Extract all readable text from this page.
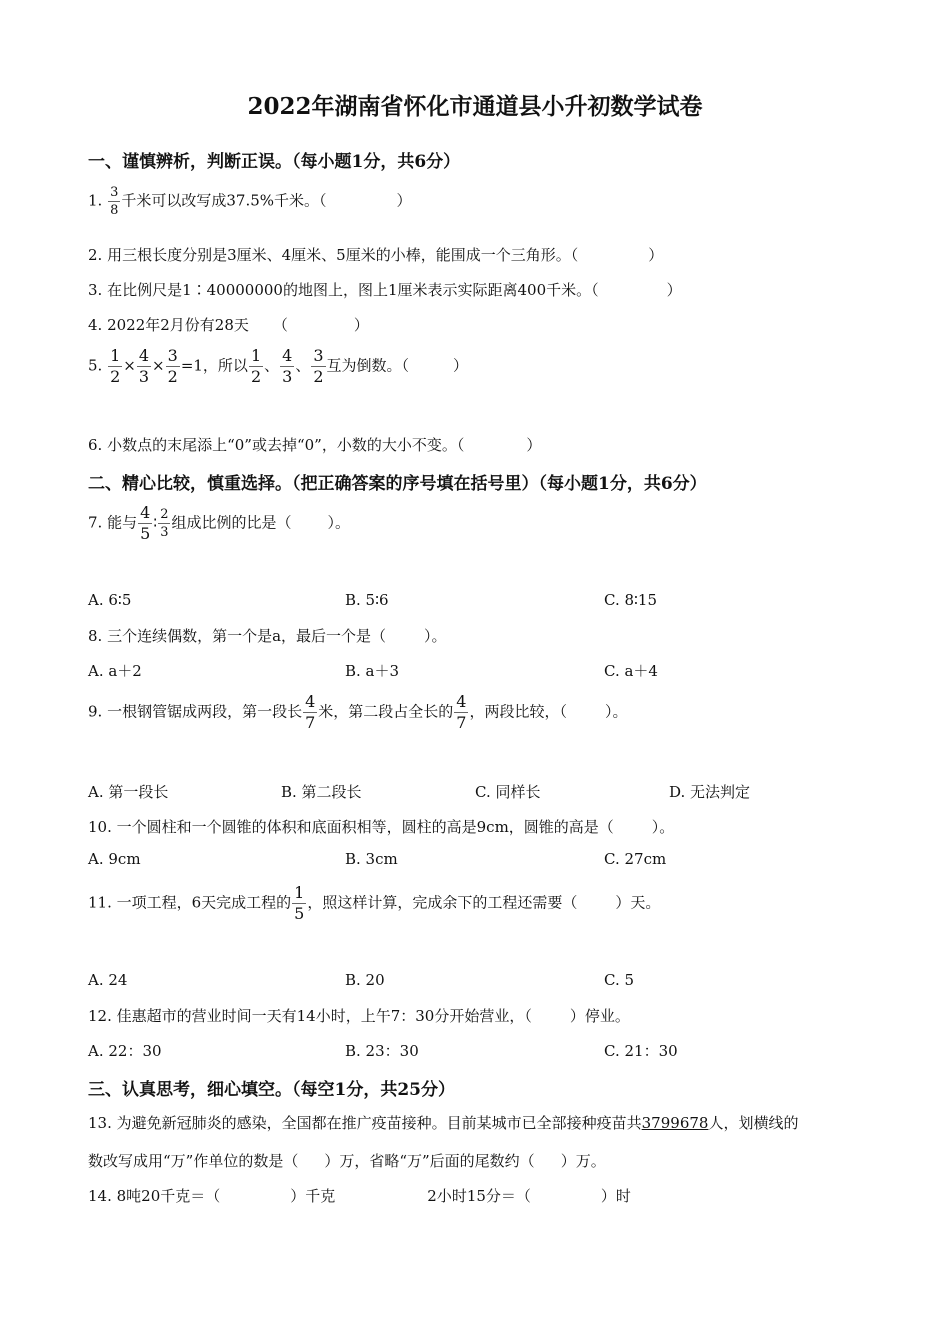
2022年湖南省怀化市通道县小升初数学试卷
一、谨慎辨析，判断正误。（每小题1分，共6分）
1. $\frac{3}{8}$ 千米可以改写成37.5%千米。（	）
2. 用三根长度分别是3厘米、4厘米、5厘米的小棒，能围成一个三角形。（	）
3. 在比例尺是1∶40000000的地图上，图上1厘米表示实际距离400千米。（	）
4. 2022年2月份有28天 （	）
5. $\frac{1}{2} \times \frac{4}{3} \times \frac{3}{2} =1$，所以 $\frac{1}{2}$ 、 $\frac{4}{3}$ 、 $\frac{3}{2}$ 互为倒数。（	）
6. 小数点的末尾添上“0”或去掉“0”，小数的大小不变。（	）
二、精心比较，慎重选择。（把正确答案的序号填在括号里）（每小题1分，共6分）
7. 能与 $\frac{4}{5}$ ∶ $\frac{2}{3}$ 组成比例的比是（ ）。
A. 6∶5	B. 5∶6	C. 8∶15
8. 三个连续偶数，第一个是a，最后一个是（	）。
A. a＋2	B. a＋3	C. a＋4
9. 一根钢管锯成两段，第一段长 $\frac{4}{7}$ 米，第二段占全长的 $\frac{4}{7}$ ，两段比较，（	）。
A. 第一段长	B. 第二段长	C. 同样长	D. 无法判定
10. 一个圆柱和一个圆锥的体积和底面积相等，圆柱的高是9cm，圆锥的高是（	）。
A. 9cm	B. 3cm	C. 27cm
11. 一项工程，6天完成工程的 $\frac{1}{5}$ ，照这样计算，完成余下的工程还需要（	）天。
A. 24	B. 20	C. 5
12. 佳惠超市的营业时间一天有14小时，上午7：30分开始营业，（	）停业。
A. 22：30	B. 23：30	C. 21：30
三、认真思考，细心填空。（每空1分，共25分）
13. 为避免新冠肺炎的感染，全国都在推广疫苗接种。目前某城市已全部接种疫苗共3799678人，划横线的
数改写成用“万”作单位的数是（ ）万，省略“万”后面的尾数约（ ）万。
14. 8吨20千克＝（	）千克	2小时15分＝（	）时
